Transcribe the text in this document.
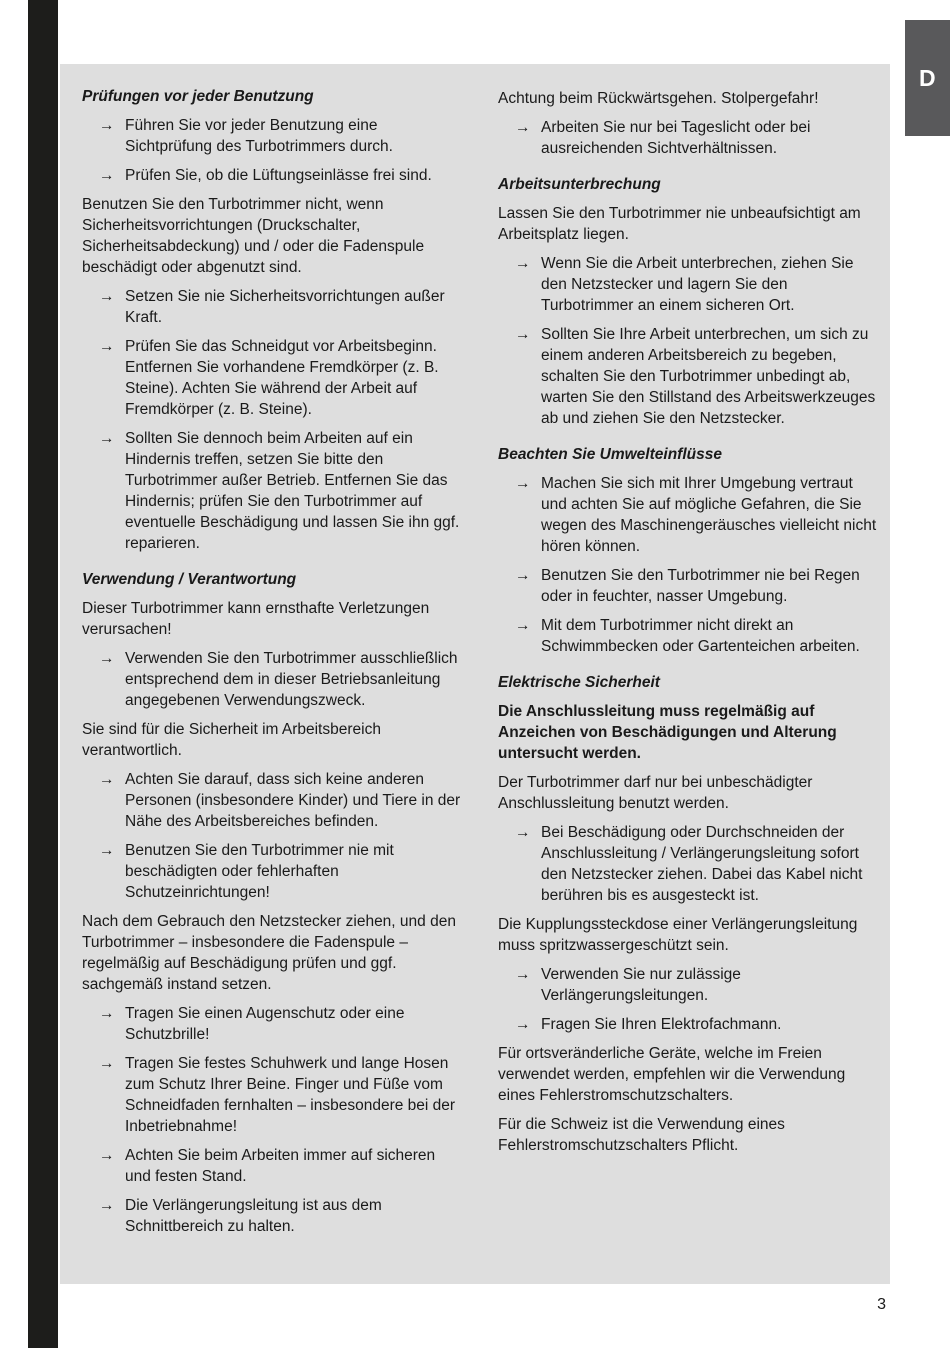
D
Prüfungen vor jeder Benutzung
→ Führen Sie vor jeder Benutzung eine Sichtprüfung des Turbotrimmers durch.
→ Prüfen Sie, ob die Lüftungseinlässe frei sind.

Benutzen Sie den Turbotrimmer nicht, wenn Sicherheitsvorrichtungen (Druckschalter, Sicherheitsabdeckung) und / oder die Fadenspule beschädigt oder abgenutzt sind.

→ Setzen Sie nie Sicherheitsvorrichtungen außer Kraft.
→ Prüfen Sie das Schneidgut vor Arbeitsbeginn. Entfernen Sie vorhandene Fremdkörper (z. B. Steine). Achten Sie während der Arbeit auf Fremdkörper (z. B. Steine).
→ Sollten Sie dennoch beim Arbeiten auf ein Hindernis treffen, setzen Sie bitte den Turbotrimmer außer Betrieb. Entfernen Sie das Hindernis; prüfen Sie den Turbotrimmer auf eventuelle Beschädigung und lassen Sie ihn ggf. reparieren.
Verwendung / Verantwortung

Dieser Turbotrimmer kann ernsthafte Verletzungen verursachen!

→ Verwenden Sie den Turbotrimmer ausschließlich entsprechend dem in dieser Betriebsanleitung angegebenen Verwendungszweck.

Sie sind für die Sicherheit im Arbeitsbereich verantwortlich.

→ Achten Sie darauf, dass sich keine anderen Personen (insbesondere Kinder) und Tiere in der Nähe des Arbeitsbereiches befinden.
→ Benutzen Sie den Turbotrimmer nie mit beschädigten oder fehlerhaften Schutzeinrichtungen!

Nach dem Gebrauch den Netzstecker ziehen, und den Turbotrimmer – insbesondere die Fadenspule – regelmäßig auf Beschädigung prüfen und ggf. sachgemäß instand setzen.

→ Tragen Sie einen Augenschutz oder eine Schutzbrille!
→ Tragen Sie festes Schuhwerk und lange Hosen zum Schutz Ihrer Beine. Finger und Füße vom Schneidfaden fernhalten – insbesondere bei der Inbetriebnahme!
→ Achten Sie beim Arbeiten immer auf sicheren und festen Stand.
→ Die Verlängerungsleitung ist aus dem Schnittbereich zu halten.

Achtung beim Rückwärtsgehen. Stolpergefahr!

→ Arbeiten Sie nur bei Tageslicht oder bei ausreichenden Sichtverhältnissen.
Arbeitsunterbrechung

Lassen Sie den Turbotrimmer nie unbeaufsichtigt am Arbeitsplatz liegen.

→ Wenn Sie die Arbeit unterbrechen, ziehen Sie den Netzstecker und lagern Sie den Turbotrimmer an einem sicheren Ort.
→ Sollten Sie Ihre Arbeit unterbrechen, um sich zu einem anderen Arbeitsbereich zu begeben, schalten Sie den Turbotrimmer unbedingt ab, warten Sie den Stillstand des Arbeitswerkzeuges ab und ziehen Sie den Netzstecker.
Beachten Sie Umwelteinflüsse
→ Machen Sie sich mit Ihrer Umgebung vertraut und achten Sie auf mögliche Gefahren, die Sie wegen des Maschinengeräusches vielleicht nicht hören können.
→ Benutzen Sie den Turbotrimmer nie bei Regen oder in feuchter, nasser Umgebung.
→ Mit dem Turbotrimmer nicht direkt an Schwimmbecken oder Gartenteichen arbeiten.
Elektrische Sicherheit

Die Anschlussleitung muss regelmäßig auf Anzeichen von Beschädigungen und Alterung untersucht werden.

Der Turbotrimmer darf nur bei unbeschädigter Anschlussleitung benutzt werden.

→ Bei Beschädigung oder Durchschneiden der Anschlussleitung / Verlängerungsleitung sofort den Netzstecker ziehen. Dabei das Kabel nicht berühren bis es ausgesteckt ist.

Die Kupplungssteckdose einer Verlängerungsleitung muss spritzwassergeschützt sein.

→ Verwenden Sie nur zulässige Verlängerungsleitungen.
→ Fragen Sie Ihren Elektrofachmann.

Für ortsveränderliche Geräte, welche im Freien verwendet werden, empfehlen wir die Verwendung eines Fehlerstromschutzschalters.

Für die Schweiz ist die Verwendung eines Fehlerstromschutzschalters Pflicht.

3
